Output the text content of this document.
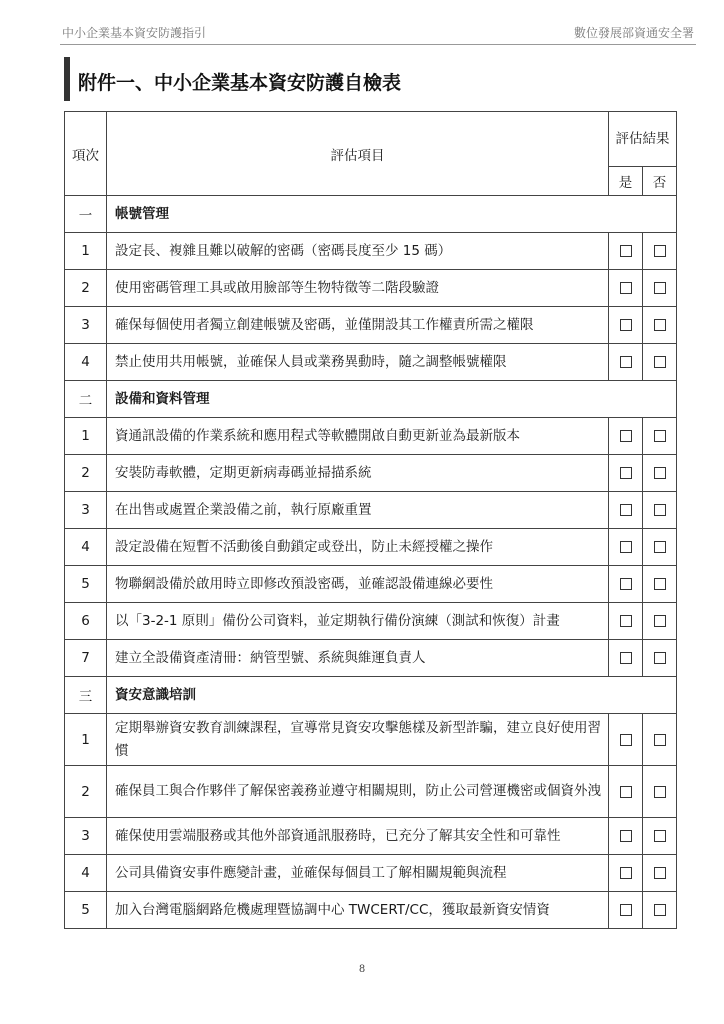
中小企業基本資安防護指引	數位發展部資通安全署
附件一、中小企業基本資安防護自檢表
項次	評估項目	評估結果	
		是	否
一	帳號管理		
1	設定長、複雜且難以破解的密碼（密碼長度至少 15 碼）		
2	使用密碼管理工具或啟用臉部等生物特徵等二階段驗證		
3	確保每個使用者獨立創建帳號及密碼，並僅開設其工作權責所需之權限		
4	禁止使用共用帳號，並確保人員或業務異動時，隨之調整帳號權限		
二	設備和資料管理		
1	資通訊設備的作業系統和應用程式等軟體開啟自動更新並為最新版本		
2	安裝防毒軟體，定期更新病毒碼並掃描系統		
3	在出售或處置企業設備之前，執行原廠重置		
4	設定設備在短暫不活動後自動鎖定或登出，防止未經授權之操作		
5	物聯網設備於啟用時立即修改預設密碼，並確認設備連線必要性		
6	以「3-2-1 原則」備份公司資料，並定期執行備份演練（測試和恢復）計畫		
7	建立全設備資產清冊：納管型號、系統與維運負責人		
三	資安意識培訓		
1	定期舉辦資安教育訓練課程，宣導常見資安攻擊態樣及新型詐騙，建立良好使用習慣		
2	確保員工與合作夥伴了解保密義務並遵守相關規則，防止公司營運機密或個資外洩		
3	確保使用雲端服務或其他外部資通訊服務時，已充分了解其安全性和可靠性		
4	公司具備資安事件應變計畫，並確保每個員工了解相關規範與流程		
5	加入台灣電腦網路危機處理暨協調中心 TWCERT/CC，獲取最新資安情資		
8
